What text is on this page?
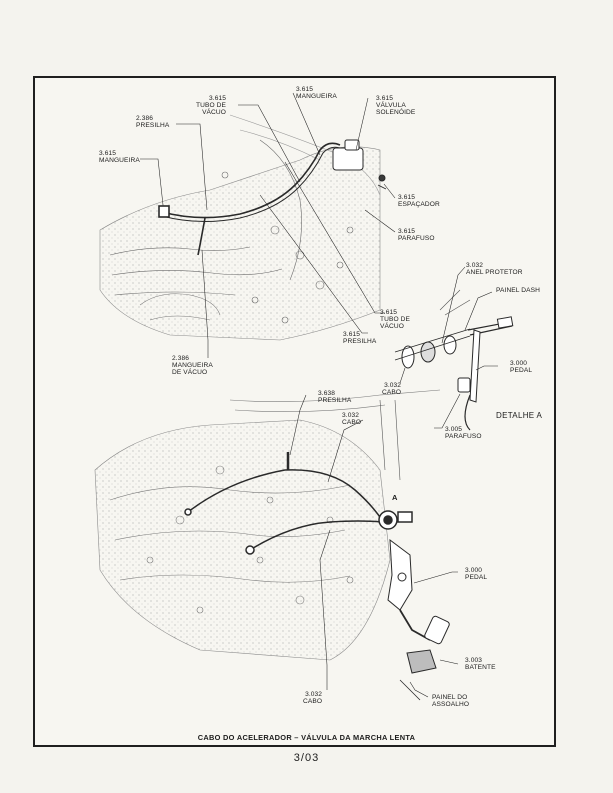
3.615
TUBO DE
VÁCUO
3.615
MANGUEIRA	3.615
VÁLVULA
SOLENÓIDE
2.386
PRESILHA
3.615
MANGUEIRA
3.615
ESPAÇADOR
3.615
PARAFUSO
3.032
ANEL PROTETOR
PAINEL DASH
3.615
TUBO DE
VÁCUO
3.615
PRESILHA
3.000
PEDAL
2.386
MANGUEIRA
DE VÁCUO
3.032
CABO
DETALHE A
3.005
PARAFUSO
3.638
PRESILHA
3.032
CABO
A
3.000
PEDAL
3.003
BATENTE
3.032
CABO
PAINEL DO
ASSOALHO
CABO DO ACELERADOR – VÁLVULA DA MARCHA LENTA
3/03
